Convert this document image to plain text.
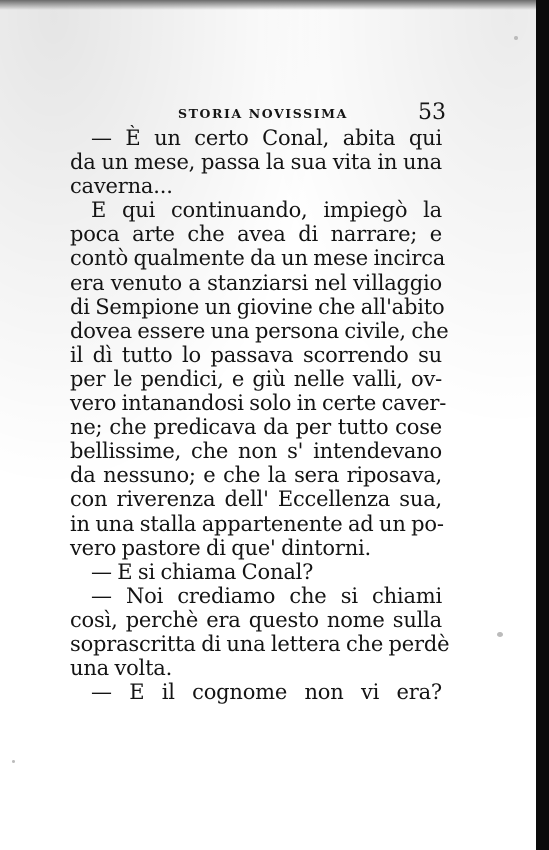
STORIA NOVISSIMA	53
— È un certo Conal, abita qui
da un mese, passa la sua vita in una
caverna...
E qui continuando, impiegò la
poca arte che avea di narrare; e
contò qualmente da un mese incirca
era venuto a stanziarsi nel villaggio
di Sempione un giovine che all'abito
dovea essere una persona civile, che
il dì tutto lo passava scorrendo su
per le pendici, e giù nelle valli, ov-
vero intanandosi solo in certe caver-
ne; che predicava da per tutto cose
bellissime, che non s' intendevano
da nessuno; e che la sera riposava,
con riverenza dell' Eccellenza sua,
in una stalla appartenente ad un po-
vero pastore di que' dintorni.
— E si chiama Conal?
— Noi crediamo che si chiami
così, perchè era questo nome sulla
soprascritta di una lettera che perdè
una volta.
— E il cognome non vi era?
